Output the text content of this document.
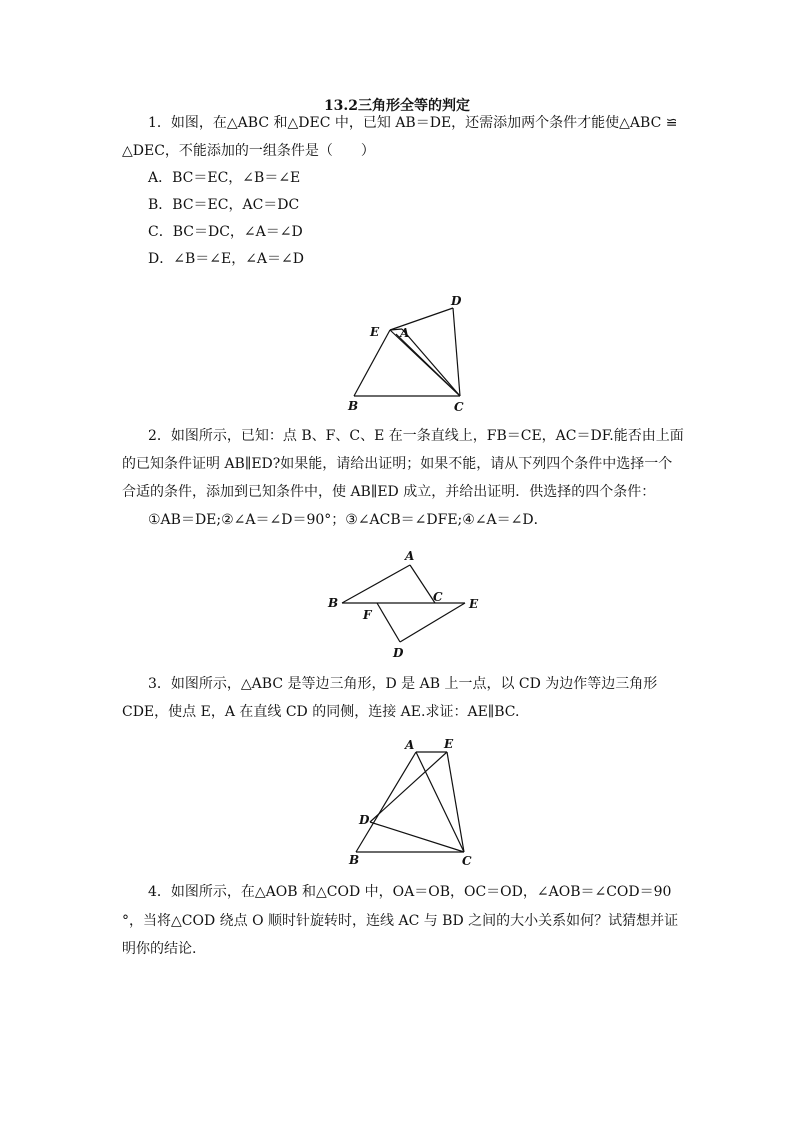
13.2三角形全等的判定
1．如图，在△ABC 和△DEC 中，已知 AB＝DE，还需添加两个条件才能使△ABC ≌
△DEC，不能添加的一组条件是（　　）
A．BC＝EC，∠B＝∠E
B．BC＝EC，AC＝DC
C．BC＝DC，∠A＝∠D
D．∠B＝∠E，∠A＝∠D
D
E A
B	C
2．如图所示，已知：点 B、F、C、E 在一条直线上，FB＝CE，AC＝DF.能否由上面
的已知条件证明 AB∥ED?如果能，请给出证明；如果不能，请从下列四个条件中选择一个
合适的条件，添加到已知条件中，使 AB∥ED 成立，并给出证明．供选择的四个条件：
①AB＝DE;②∠A＝∠D＝90°；③∠ACB＝∠DFE;④∠A＝∠D．
A
B	C E
F
D
3．如图所示，△ABC 是等边三角形，D 是 AB 上一点，以 CD 为边作等边三角形
CDE，使点 E，A 在直线 CD 的同侧，连接 AE.求证：AE∥BC.
A E
D
B	C
4．如图所示，在△AOB 和△COD 中，OA＝OB，OC＝OD，∠AOB＝∠COD＝90
°，当将△COD 绕点 O 顺时针旋转时，连线 AC 与 BD 之间的大小关系如何？试猜想并证
明你的结论.
